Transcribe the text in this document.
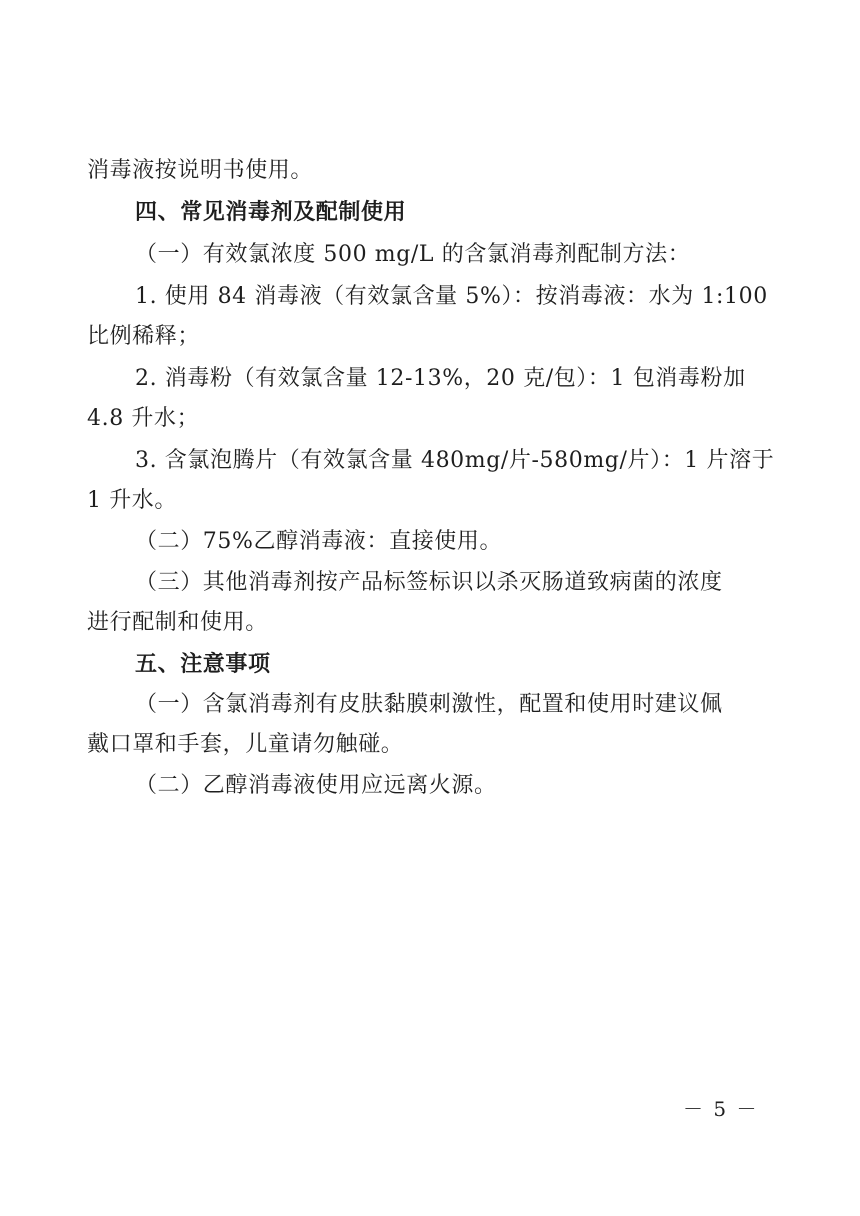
消毒液按说明书使用。
四、常见消毒剂及配制使用
（一）有效氯浓度 500 mg/L 的含氯消毒剂配制方法：
1. 使用 84 消毒液（有效氯含量 5%）：按消毒液：水为 1:100
比例稀释；
2. 消毒粉（有效氯含量 12-13%，20 克/包）：1 包消毒粉加
4.8 升水；
3. 含氯泡腾片（有效氯含量 480mg/片-580mg/片）：1 片溶于
1 升水。
（二）75%乙醇消毒液：直接使用。
（三）其他消毒剂按产品标签标识以杀灭肠道致病菌的浓度
进行配制和使用。
五、注意事项
（一）含氯消毒剂有皮肤黏膜刺激性，配置和使用时建议佩
戴口罩和手套，儿童请勿触碰。
（二）乙醇消毒液使用应远离火源。
－ 5 －
